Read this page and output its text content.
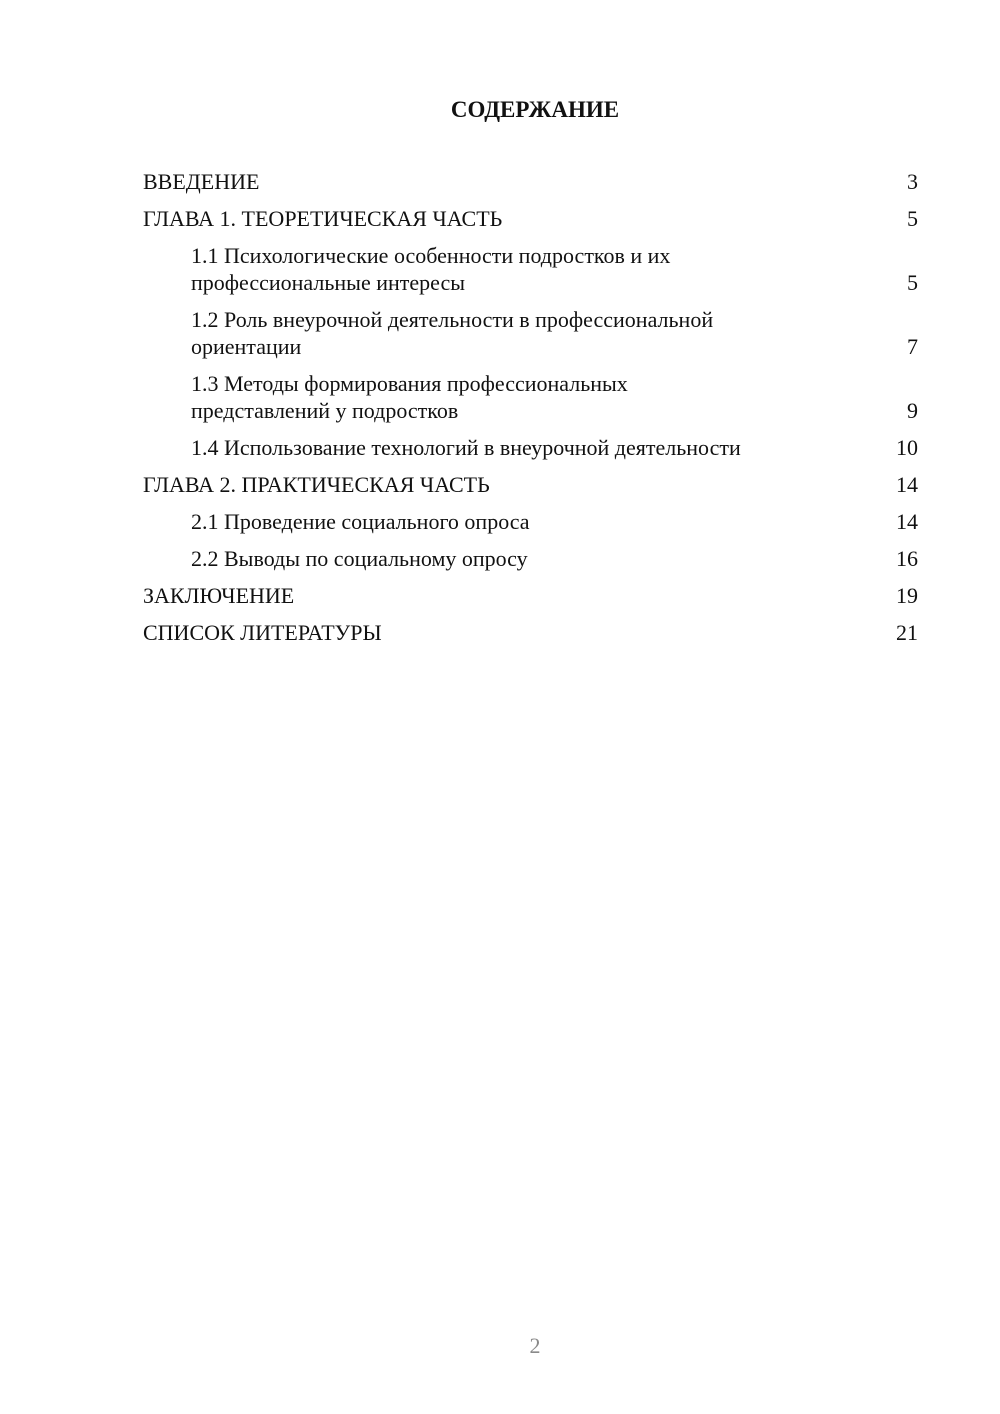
СОДЕРЖАНИЕ
ВВЕДЕНИЕ	3
ГЛАВА 1. ТЕОРЕТИЧЕСКАЯ ЧАСТЬ	5
1.1 Психологические особенности подростков и их
профессиональные интересы	5
1.2 Роль внеурочной деятельности в профессиональной
ориентации	7
1.3 Методы формирования профессиональных
представлений у подростков	9
1.4 Использование технологий в внеурочной деятельности	10
ГЛАВА 2. ПРАКТИЧЕСКАЯ ЧАСТЬ	14
2.1 Проведение социального опроса	14
2.2 Выводы по социальному опросу	16
ЗАКЛЮЧЕНИЕ	19
СПИСОК ЛИТЕРАТУРЫ	21
2
